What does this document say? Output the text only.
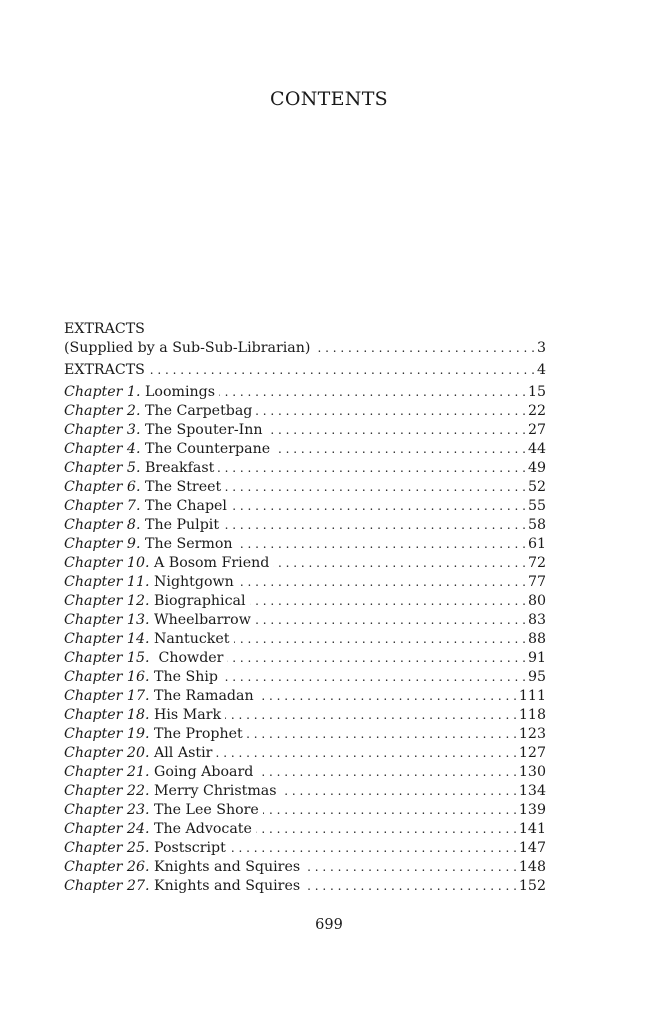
CONTENTS
EXTRACTS
(Supplied by a Sub-Sub-Librarian) . . .	3
EXTRACTS . . .	4
Chapter 1. Loomings . . .	15
Chapter 2. The Carpetbag . . .	22
Chapter 3. The Spouter-Inn . . .	27
Chapter 4. The Counterpane . . .	44
Chapter 5. Breakfast . . .	49
Chapter 6. The Street . . .	52
Chapter 7. The Chapel . . .	55
Chapter 8. The Pulpit . . .	58
Chapter 9. The Sermon . . .	61
Chapter 10. A Bosom Friend . . .	72
Chapter 11. Nightgown . . .	77
Chapter 12. Biographical . . .	80
Chapter 13. Wheelbarrow . . .	83
Chapter 14. Nantucket . . .	88
Chapter 15.  Chowder . . .	91
Chapter 16. The Ship . . .	95
Chapter 17. The Ramadan . . .	111
Chapter 18. His Mark . . .	118
Chapter 19. The Prophet . . .	123
Chapter 20. All Astir . . .	127
Chapter 21. Going Aboard . . .	130
Chapter 22. Merry Christmas . . .	134
Chapter 23. The Lee Shore . . .	139
Chapter 24. The Advocate . . .	141
Chapter 25. Postscript . . .	147
Chapter 26. Knights and Squires . . .	148
Chapter 27. Knights and Squires . . .	152
699
